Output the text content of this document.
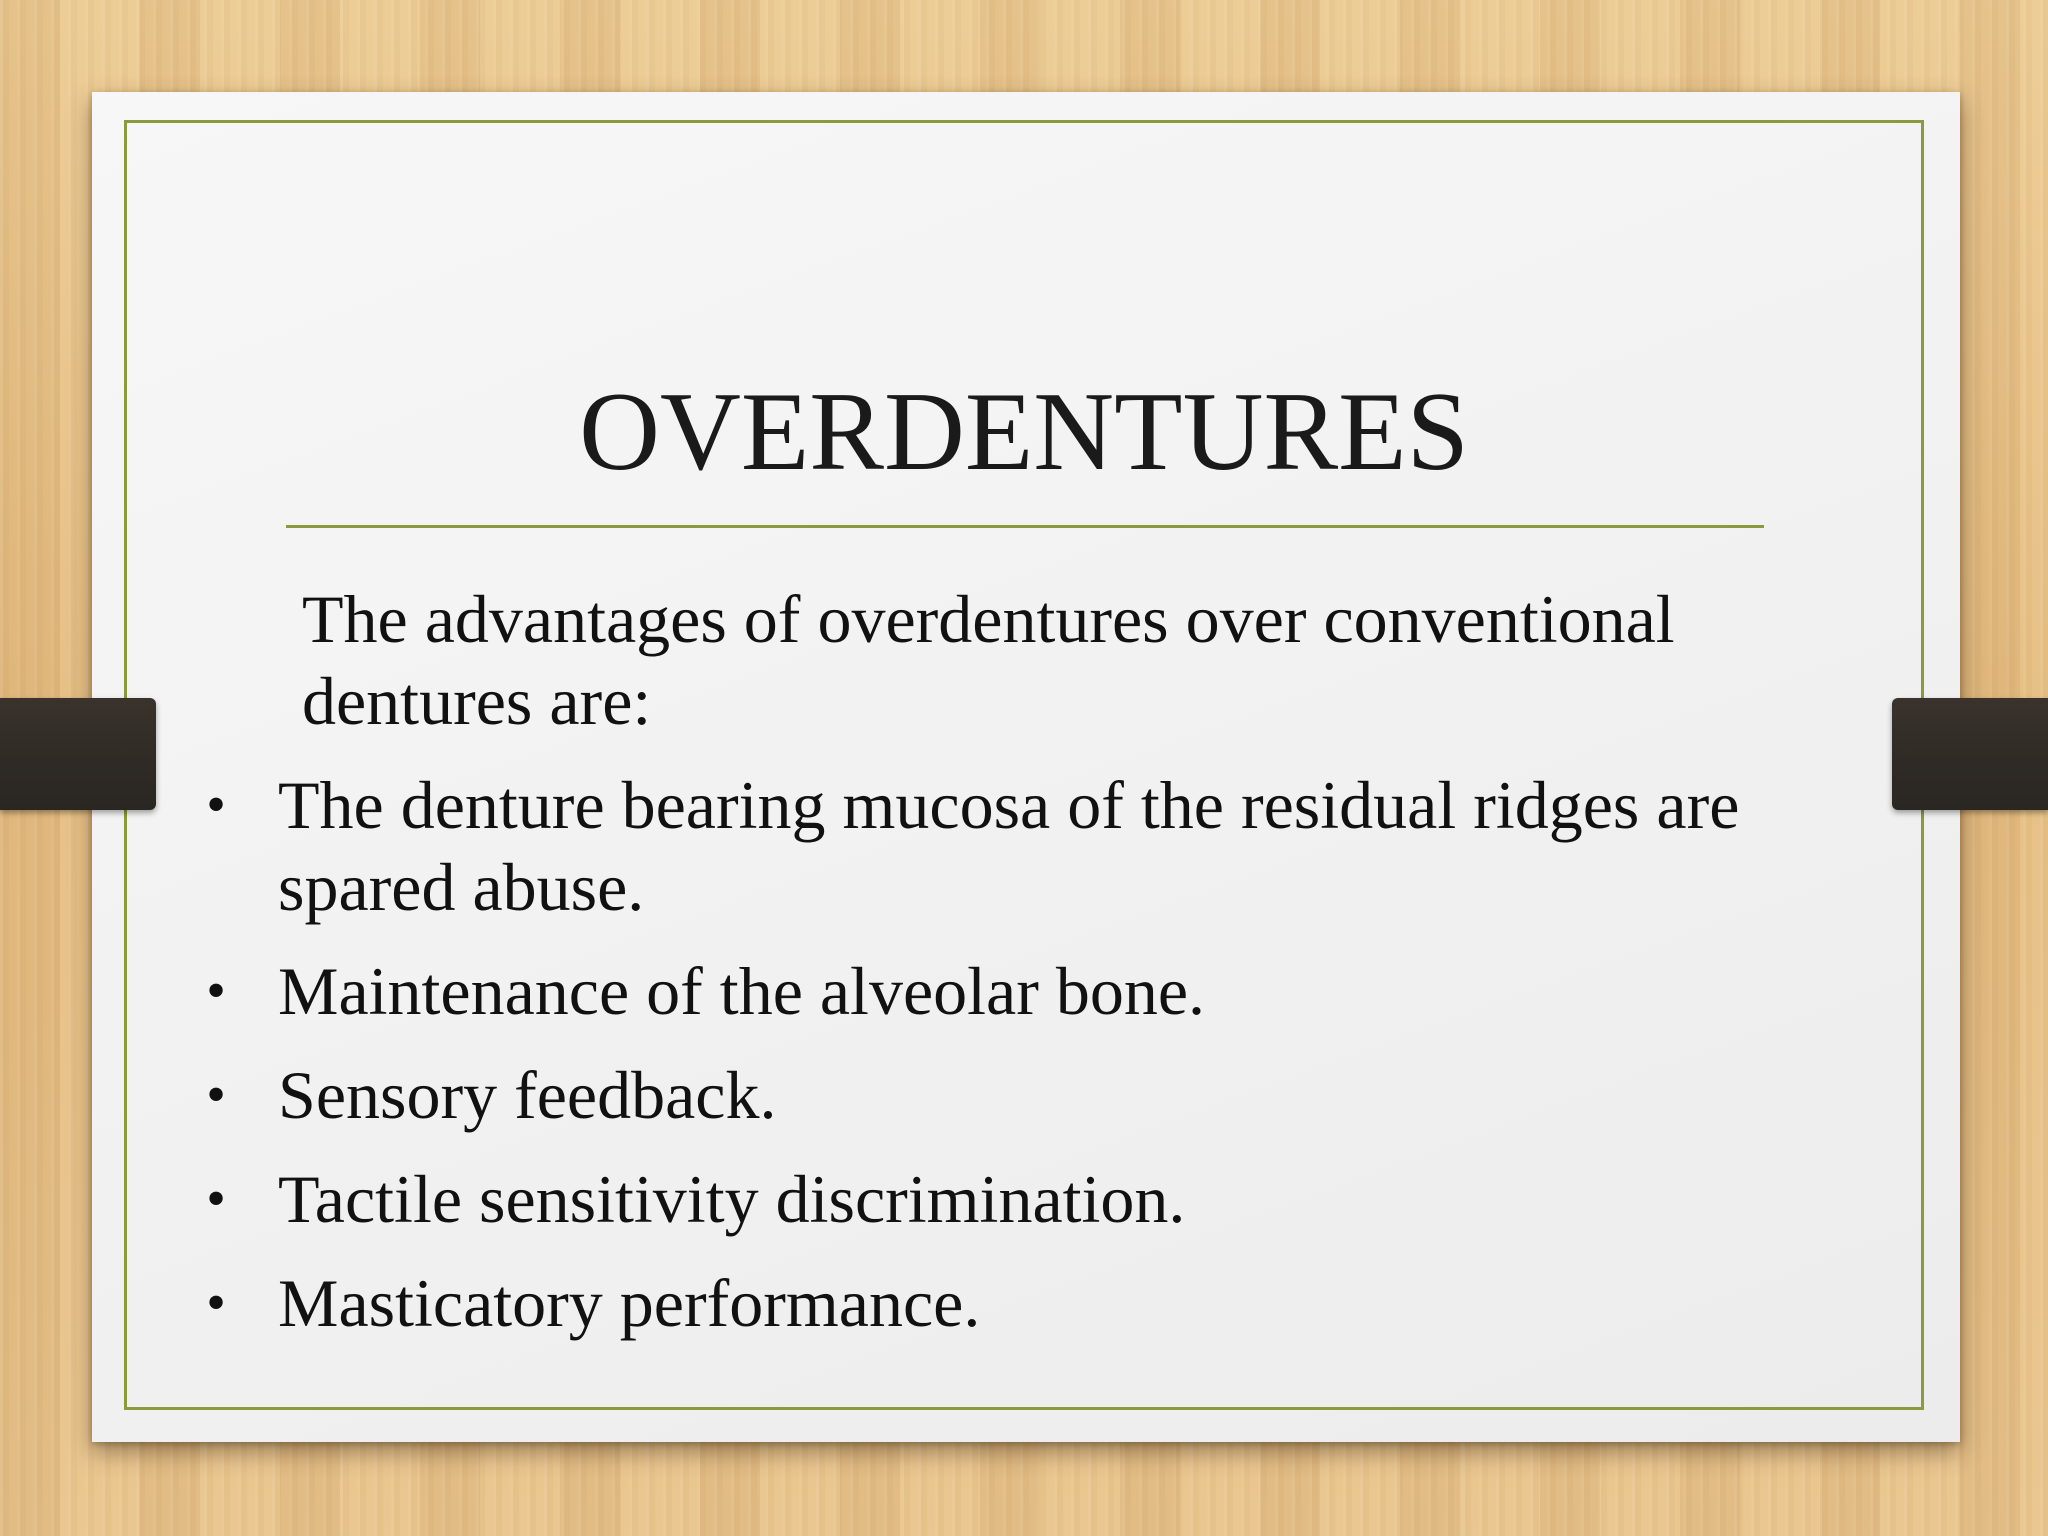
OVERDENTURES
The advantages of overdentures over conventional dentures are:
• The denture bearing mucosa of the residual ridges are spared abuse.
• Maintenance of the alveolar bone.
• Sensory feedback.
• Tactile sensitivity discrimination.
• Masticatory performance.
